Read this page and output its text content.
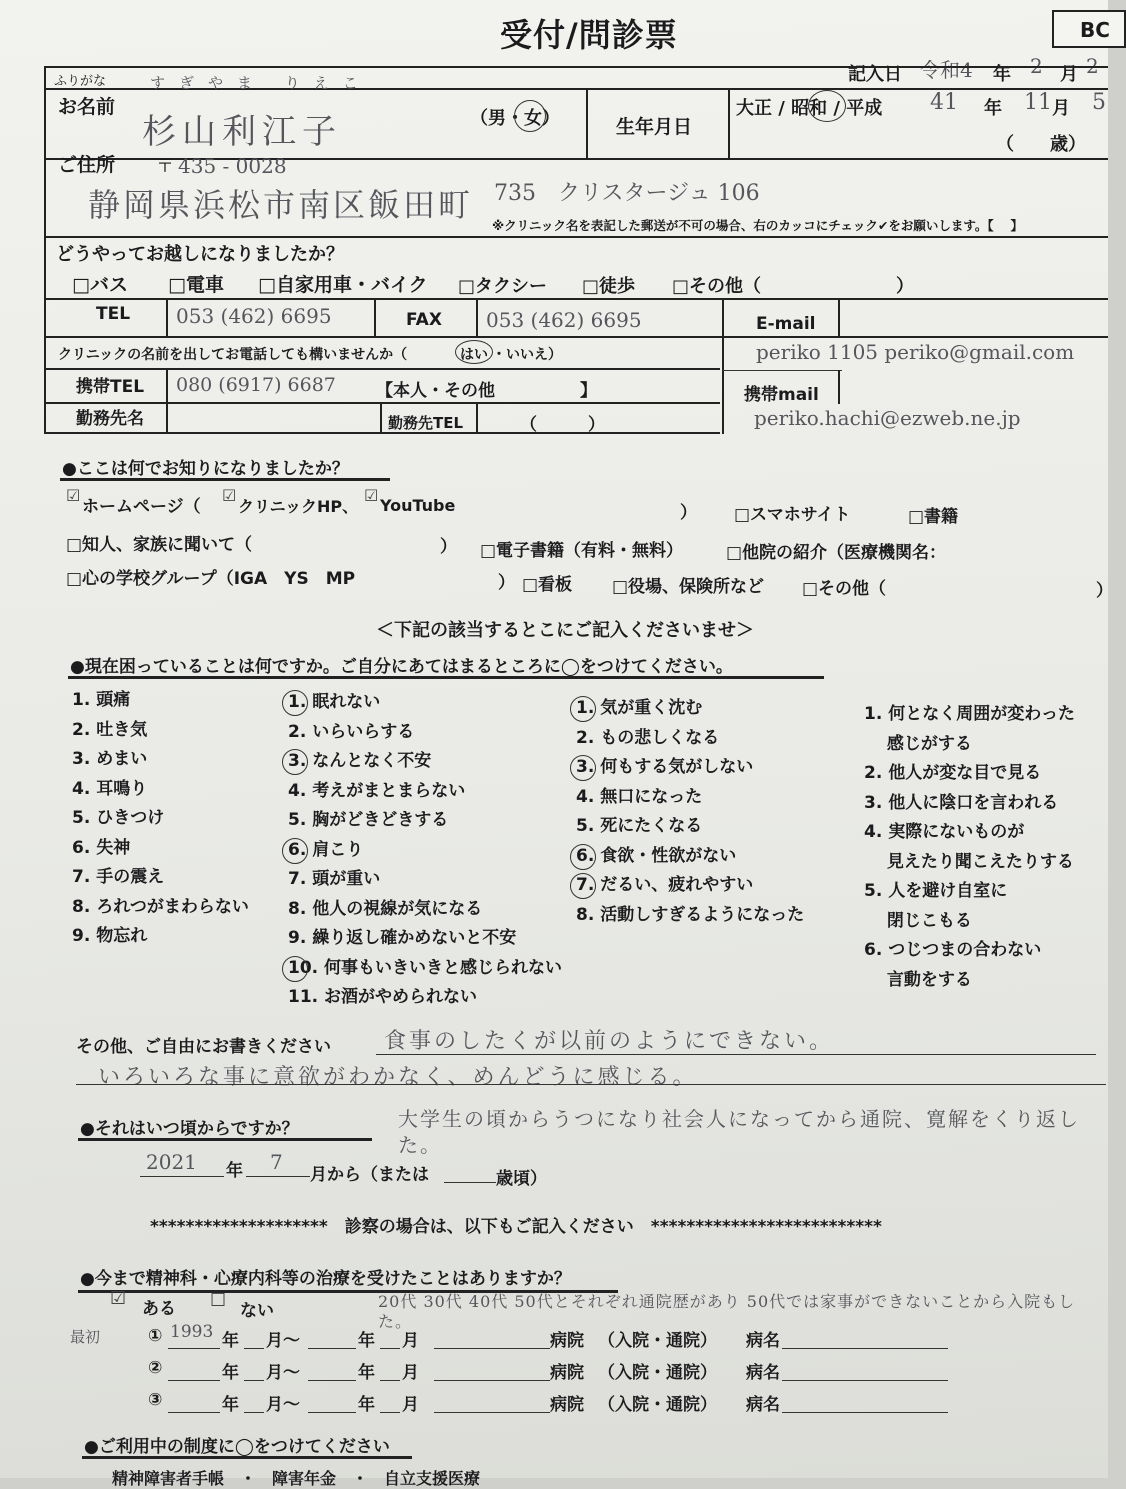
受付/問診票	BC
記入日 令和4 年 2 月 2
ふりがな	すぎやま りえこ
お名前
杉山利江子	（男・女）	生年月日
大正 / 昭和 / 平成 41 年 11 月 5
（　　歳）
ご住所 〒 435 - 0028
静岡県浜松市南区飯田町 735　クリスタージュ 106
※クリニック名を表記した郵送が不可の場合、右のカッコにチェック✔をお願いします。【　 】
どうやってお越しになりましたか？
□バス □電車 □自家用車・バイク □タクシー □徒歩 □その他（	）
TEL 053 (462) 6695	FAX 053 (462) 6695	E-mail
periko 1105 periko@gmail.com
クリニックの名前を出してお電話しても構いませんか（	はい ・いいえ）
携帯TEL 080 (6917) 6687 【本人・その他　　　　　】	携帯mail
periko.hachi@ezweb.ne.jp
勤務先名	勤務先TEL	（　　　）
●ここは何でお知りになりましたか？
☑
ホームページ（
☑
クリニックHP、
☑
YouTube	） □スマホサイト	□書籍
□知人、家族に聞いて（	） □電子書籍（有料・無料）	□他院の紹介（医療機関名：
□心の学校グループ（IGA　YS　MP	） □看板 □役場、保険所など □その他（	）
＜下記の該当するとこにご記入くださいませ＞
●現在困っていることは何ですか。ご自分にあてはまるところに◯をつけてください。
1. 頭痛
2. 吐き気
3. めまい
4. 耳鳴り
5. ひきつけ
6. 失神
7. 手の震え
8. ろれつがまわらない
9. 物忘れ
1. 眠れない
2. いらいらする
3. なんとなく不安
4. 考えがまとまらない
5. 胸がどきどきする
6. 肩こり
7. 頭が重い
8. 他人の視線が気になる
9. 繰り返し確かめないと不安
10. 何事もいきいきと感じられない
11. お酒がやめられない
1. 気が重く沈む
2. もの悲しくなる
3. 何もする気がしない
4. 無口になった
5. 死にたくなる
6. 食欲・性欲がない
7. だるい、疲れやすい
8. 活動しすぎるようになった
1. 何となく周囲が変わった
　 感じがする
2. 他人が変な目で見る
3. 他人に陰口を言われる
4. 実際にないものが
　 見えたり聞こえたりする
5. 人を避け自室に
　 閉じこもる
6. つじつまの合わない
　 言動をする
その他、ご自由にお書きください 食事のしたくが以前のようにできない。
いろいろな事に意欲がわかなく、めんどうに感じる。
●それはいつ頃からですか？	大学生の頃からうつになり社会人になってから通院、寛解をくり返した。
2021 年 7
月から（または	歳頃）
********************　診察の場合は、以下もご記入ください　**************************
●今まで精神科・心療内科等の治療を受けたことはありますか？
☑ ある ☐ ない	20代 30代 40代 50代とそれぞれ通院歴があり 50代では家事ができないことから入院もした。
最初	① 1993 年 月〜	年 月	病院 （入院・通院） 病名
②	年 月〜	年 月	病院 （入院・通院） 病名
③	年 月〜	年 月	病院 （入院・通院） 病名
●ご利用中の制度に◯をつけてください
精神障害者手帳　・　障害年金　・　自立支援医療
